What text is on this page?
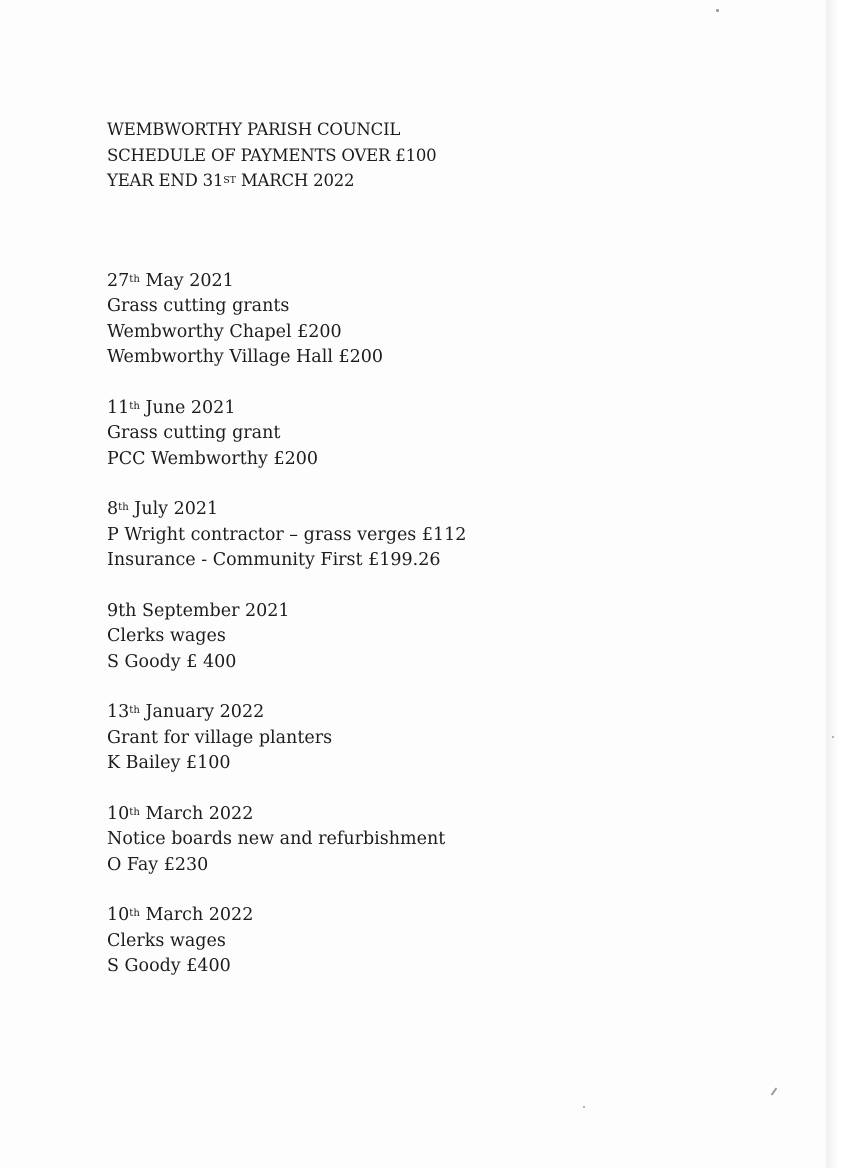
WEMBWORTHY PARISH COUNCIL
SCHEDULE OF PAYMENTS OVER £100
YEAR END 31ST MARCH 2022
27th May 2021
Grass cutting grants
Wembworthy Chapel £200
Wembworthy Village Hall £200
11th June 2021
Grass cutting grant
PCC Wembworthy £200
8th July 2021
P Wright contractor – grass verges £112
Insurance - Community First £199.26
9th September 2021
Clerks wages
S Goody £ 400
13th January 2022
Grant for village planters
K Bailey £100
10th March 2022
Notice boards new and refurbishment
O Fay £230
10th March 2022
Clerks wages
S Goody £400
